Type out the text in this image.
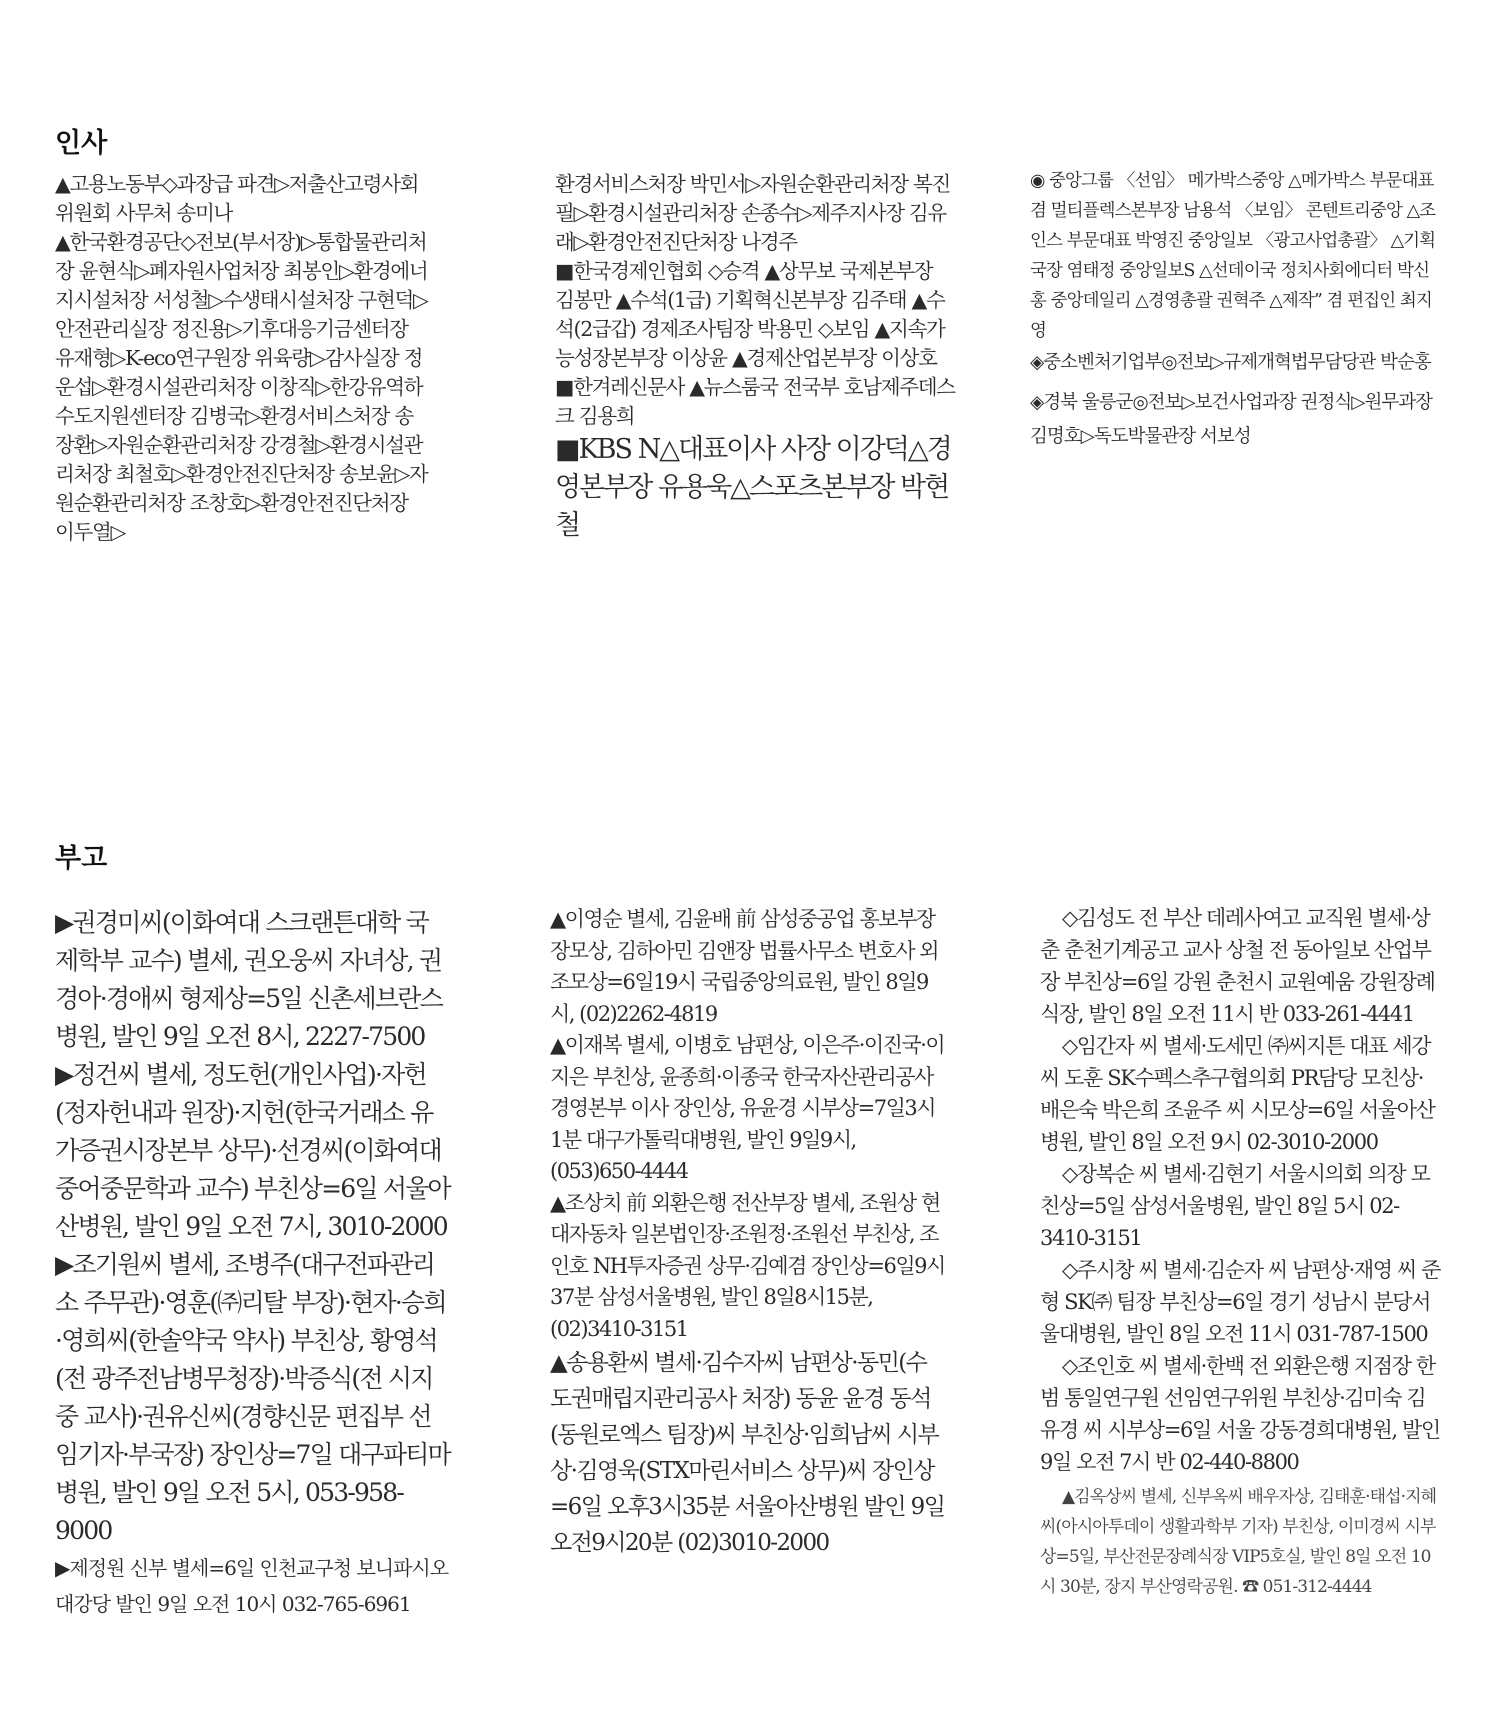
인사
부고

▲고용노동부◇과장급 파견▷저출산고령사회위원회 사무처 송미나

▲한국환경공단◇전보(부서장)▷통합물관리처장 윤현식▷폐자원사업처장 최봉인▷환경에너지시설처장 서성철▷수생태시설처장 구현덕▷안전관리실장 정진용▷기후대응기금센터장 유재형▷K-eco연구원장 위육량▷감사실장 정운섭▷환경시설관리처장 이창직▷한강유역하수도지원센터장 김병국▷환경서비스처장 송장환▷자원순환관리처장 강경철▷환경시설관리처장 최철호▷환경안전진단처장 송보윤▷자원순환관리처장 조창호▷환경안전진단처장 이두열▷

환경서비스처장 박민서▷자원순환관리처장 복진필▷환경시설관리처장 손종수▷제주지사장 김유래▷환경안전진단처장 나경주

■한국경제인협회 ◇승격 ▲상무보 국제본부장 김봉만 ▲수석(1급) 기획혁신본부장 김주태 ▲수석(2급갑) 경제조사팀장 박용민 ◇보임 ▲지속가능성장본부장 이상윤 ▲경제산업본부장 이상호

■한겨레신문사 ▲뉴스룸국 전국부 호남제주데스크 김용희

■KBS N△대표이사 사장 이강덕△경영본부장 유용욱△스포츠본부장 박현철

◉ 중앙그룹 〈선임〉 메가박스중앙 △메가박스 부문대표 겸 멀티플렉스본부장 남용석 〈보임〉 콘텐트리중앙 △조인스 부문대표 박영진 중앙일보 〈광고사업총괄〉 △기획국장 염태정 중앙일보S △선데이국 정치사회에디터 박신홍 중앙데일리 △경영총괄 권혁주 △제작” 겸 편집인 최지영

◈중소벤처기업부◎전보▷규제개혁법무담당관 박순홍

◈경북 울릉군◎전보▷보건사업과장 권정식▷원무과장 김명호▷독도박물관장 서보성

▶권경미씨(이화여대 스크랜튼대학 국제학부 교수) 별세, 권오웅씨 자녀상, 권경아·경애씨 형제상=5일 신촌세브란스병원, 발인 9일 오전 8시, 2227-7500

▶정건씨 별세, 정도헌(개인사업)·자헌(정자헌내과 원장)·지헌(한국거래소 유가증권시장본부 상무)·선경씨(이화여대 중어중문학과 교수) 부친상=6일 서울아산병원, 발인 9일 오전 7시, 3010-2000

▶조기원씨 별세, 조병주(대구전파관리소 주무관)·영훈(㈜리탈 부장)·현자·승희·영희씨(한솔약국 약사) 부친상, 황영석(전 광주전남병무청장)·박증식(전 시지중 교사)·권유신씨(경향신문 편집부 선임기자·부국장) 장인상=7일 대구파티마병원, 발인 9일 오전 5시, 053-958-9000

▶제정원 신부 별세=6일 인천교구청 보니파시오대강당 발인 9일 오전 10시 032-765-6961

▲이영순 별세, 김윤배 前 삼성중공업 홍보부장 장모상, 김하아민 김앤장 법률사무소 변호사 외조모상=6일19시 국립중앙의료원, 발인 8일9시, (02)2262-4819

▲이재복 별세, 이병호 남편상, 이은주·이진국·이지은 부친상, 윤종희·이종국 한국자산관리공사 경영본부 이사 장인상, 유윤경 시부상=7일3시1분 대구가톨릭대병원, 발인 9일9시, (053)650-4444

▲조상치 前 외환은행 전산부장 별세, 조원상 현대자동차 일본법인장·조원정·조원선 부친상, 조인호 NH투자증권 상무·김예겸 장인상=6일9시37분 삼성서울병원, 발인 8일8시15분, (02)3410-3151

▲송용환씨 별세·김수자씨 남편상·동민(수도권매립지관리공사 처장) 동윤 윤경 동석(동원로엑스 팀장)씨 부친상·임희남씨 시부상·김영욱(STX마린서비스 상무)씨 장인상=6일 오후3시35분 서울아산병원 발인 9일 오전9시20분 (02)3010-2000

◇김성도 전 부산 데레사여고 교직원 별세·상춘 춘천기계공고 교사 상철 전 동아일보 산업부장 부친상=6일 강원 춘천시 교원예움 강원장례식장, 발인 8일 오전 11시 반 033-261-4441

◇임간자 씨 별세·도세민 ㈜씨지튼 대표 세강 씨 도훈 SK수펙스추구협의회 PR담당 모친상·배은숙 박은희 조윤주 씨 시모상=6일 서울아산병원, 발인 8일 오전 9시 02-3010-2000

◇장복순 씨 별세·김현기 서울시의회 의장 모친상=5일 삼성서울병원, 발인 8일 5시 02-3410-3151

◇주시창 씨 별세·김순자 씨 남편상·재영 씨 준형 SK㈜ 팀장 부친상=6일 경기 성남시 분당서울대병원, 발인 8일 오전 11시 031-787-1500

◇조인호 씨 별세·한백 전 외환은행 지점장 한범 통일연구원 선임연구위원 부친상·김미숙 김유경 씨 시부상=6일 서울 강동경희대병원, 발인 9일 오전 7시 반 02-440-8800

▲김옥상씨 별세, 신부옥씨 배우자상, 김태훈·태섭·지혜씨(아시아투데이 생활과학부 기자) 부친상, 이미경씨 시부상=5일, 부산전문장례식장 VIP5호실, 발인 8일 오전 10시 30분, 장지 부산영락공원. ☎ 051-312-4444
